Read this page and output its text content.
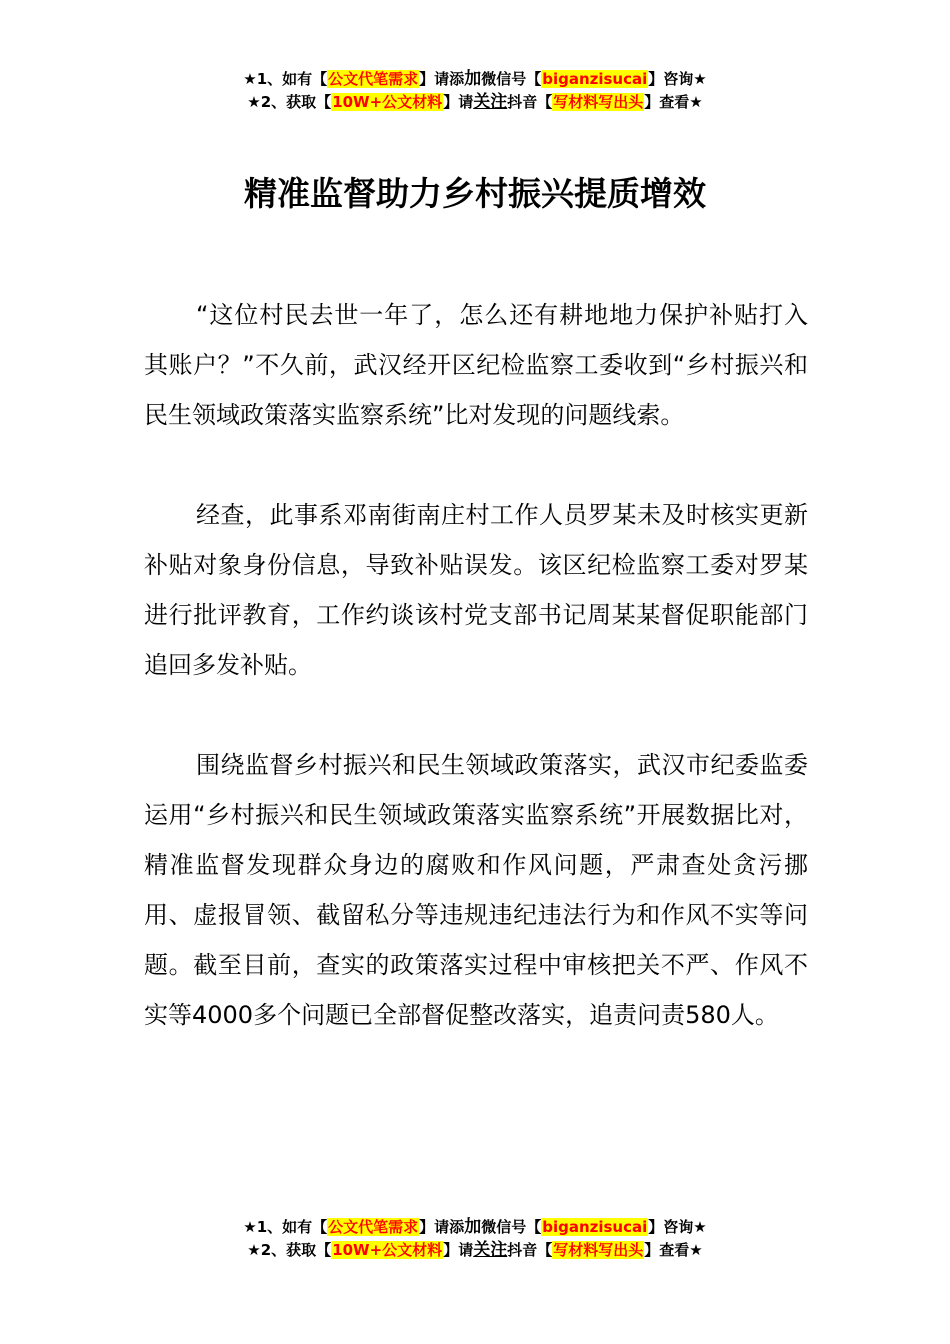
★1、如有【公文代笔需求】请添加微信号【biganzisucai】咨询★
★2、获取【10W+公文材料】请关注抖音【写材料写出头】查看★
精准监督助力乡村振兴提质增效

“这位村民去世一年了，怎么还有耕地地力保护补贴打入其账户？”不久前，武汉经开区纪检监察工委收到“乡村振兴和民生领域政策落实监察系统”比对发现的问题线索。

经查，此事系邓南街南庄村工作人员罗某未及时核实更新补贴对象身份信息，导致补贴误发。该区纪检监察工委对罗某进行批评教育，工作约谈该村党支部书记周某某督促职能部门追回多发补贴。

围绕监督乡村振兴和民生领域政策落实，武汉市纪委监委运用“乡村振兴和民生领域政策落实监察系统”开展数据比对，精准监督发现群众身边的腐败和作风问题，严肃查处贪污挪用、虚报冒领、截留私分等违规违纪违法行为和作风不实等问题。截至目前，查实的政策落实过程中审核把关不严、作风不实等4000多个问题已全部督促整改落实，追责问责580人。

★1、如有【公文代笔需求】请添加微信号【biganzisucai】咨询★
★2、获取【10W+公文材料】请关注抖音【写材料写出头】查看★
